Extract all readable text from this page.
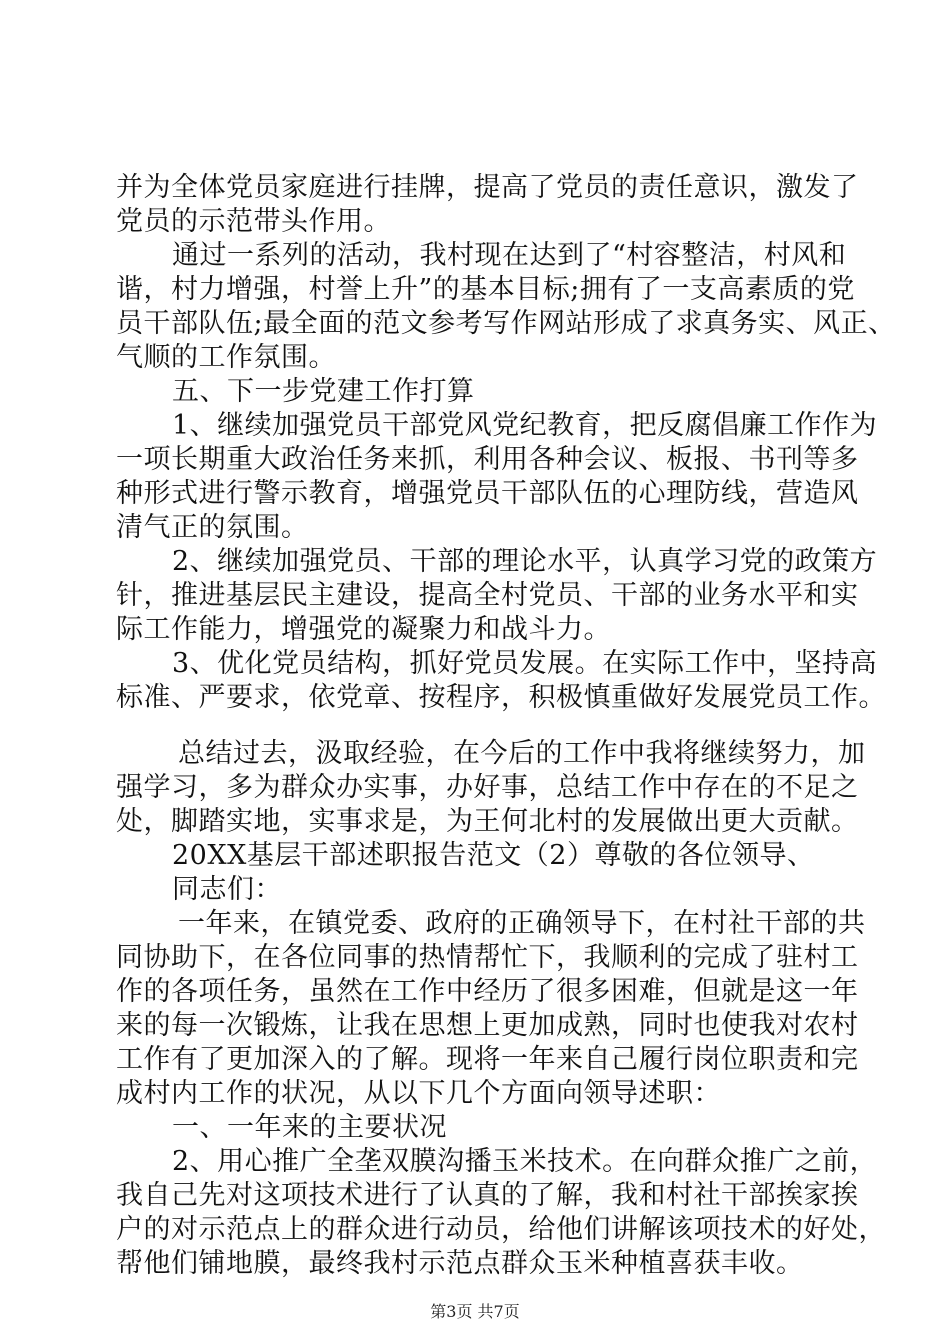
并为全体党员家庭进行挂牌，提高了党员的责任意识，激发了
党员的示范带头作用。
通过一系列的活动，我村现在达到了“村容整洁，村风和
谐，村力增强，村誉上升”的基本目标;拥有了一支高素质的党
员干部队伍;最全面的范文参考写作网站形成了求真务实、风正、
气顺的工作氛围。
五、下一步党建工作打算
1、继续加强党员干部党风党纪教育，把反腐倡廉工作作为
一项长期重大政治任务来抓，利用各种会议、板报、书刊等多
种形式进行警示教育，增强党员干部队伍的心理防线，营造风
清气正的氛围。
2、继续加强党员、干部的理论水平，认真学习党的政策方
针，推进基层民主建设，提高全村党员、干部的业务水平和实
际工作能力，增强党的凝聚力和战斗力。
3、优化党员结构，抓好党员发展。在实际工作中，坚持高
标准、严要求，依党章、按程序，积极慎重做好发展党员工作。
总结过去，汲取经验，在今后的工作中我将继续努力，加
强学习，多为群众办实事，办好事，总结工作中存在的不足之
处，脚踏实地，实事求是，为王何北村的发展做出更大贡献。
20XX基层干部述职报告范文（2）尊敬的各位领导、
同志们：
一年来，在镇党委、政府的正确领导下，在村社干部的共
同协助下，在各位同事的热情帮忙下，我顺利的完成了驻村工
作的各项任务，虽然在工作中经历了很多困难，但就是这一年
来的每一次锻炼，让我在思想上更加成熟，同时也使我对农村
工作有了更加深入的了解。现将一年来自己履行岗位职责和完
成村内工作的状况，从以下几个方面向领导述职：
一、一年来的主要状况
2、用心推广全垄双膜沟播玉米技术。在向群众推广之前，
我自己先对这项技术进行了认真的了解，我和村社干部挨家挨
户的对示范点上的群众进行动员，给他们讲解该项技术的好处，
帮他们铺地膜，最终我村示范点群众玉米种植喜获丰收。
第3页 共7页
